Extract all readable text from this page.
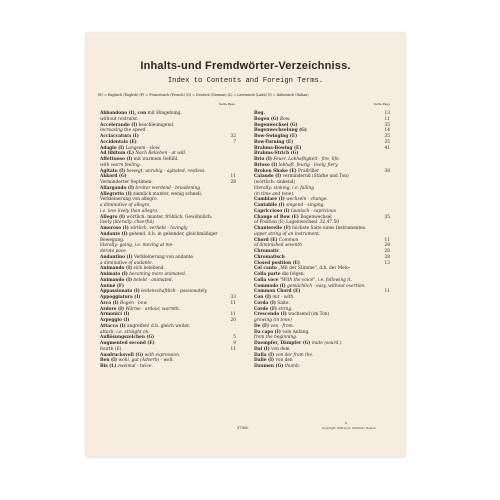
Inhalts-und Fremdwörter-Verzeichniss.
Index to Contents and Foreign Terms.
(E) = Englisch (English) (F) = Französisch (French) (G) = Deutsch (German) (L) = Lateinisch (Latin) (I) = Italienisch (Italian)
Seite Page	Seite Page
Abbandono (I), con mit Hingebung.
without restraint.
Accelerando (I) beschleunigend.
increasing the speed.
Acciaccatura (I)	32
Accidentals (E)	7
Adagio (I) Langsam - slow.
Ad libitum (L) Nach Belieben - at will.
Affettuoso (I) mit warmem Gefühl.
with warm feeling.
Agitato (I) bewegt, unruhig - agitated, restless.
Akkord (G)	11
Verminderter Septimen-	28
Allargando (I) breiter werdend - broadening
Allegretto (I) ziemlich munter, wenig schnell,
Verkleinerung von allegro.
a diminutive of allegro,
i.e. less lively than allegro.
Allegro (I) wörtlich: munter, fröhlich. Gewöhnlich:
lively (literally: cheerful)
Amoroso (I) zärtlich, verliebt - lovingly
Andante (I) gehend, d.h. in gehender, gleichmäßiger
Bewegung.
literally: going, i.e. moving at mo-
derate pace.
Andantino (I) Verkleinerung von andante.
a diminutive of andante.
Animando (I) sich belebend.
Animato (I) becoming more animated.
Animando (I) belebt - animated.
Animé (F)
Appassionato (I) leidenschaftlich - passionately
Appoggiatura (I)	33
Arco (I) Bogen - bow	11
Ardore (I) Wärme - ardour, warmth.
Armonici (I)	11
Arpeggio (I)	20
Attacca (I) angreifen! d.h. gleich weiter.
attack; i.e. straight on.
Auflösungszeichen (G)	5
Augmented second (E)	9
fourth (E)	11
Ausdrucksvoll (G) with expression.
Ben (I) wohl, gut (Adverb) - well.
Bis (L) zweimal - twice.
Bog.	13
Bogen (G) Bow.	11
Bogenwechsel (G)	35
Bogenwechselung (G)	14
Bow-Swinging (E)	35
Bow-Turning (E)	35
Brahms-Bowing (E)	41
Brahms-Strich (G)
Brio (I) Feuer, Lebhaftigkeit - fire, life.
Brioso (I) lebhaft, feurig - lively, fiery.
Broken Shake (E) Prallriller	38
Calando (I) vermindernd (Stärke und Ton)
(wörtlich: sinkend)
literally: sinking, i.e. falling
(in time and tone).
Cambiare (I) wechseln - change.
Cantabile (I) singend - singing.
Capriccioso (I) launisch - capricious
Change of Bow (E) Bogenwechsel	35
of Position (E) Lagenwechsel .32.47.50
Chanterelle (F) höchste Saite eines Instrumentes.
upper string of an instrument.
Chord (E) Common	11
of diminished seventh	28
Chromatic	28
Chromatisch	28
Closed position (E)	13
Col canto „Mit der Stimme", d.h. der Melo-
Colla parte die folgen.
Colla voce "With the voice", i.e. following it.
Commodo (I) gemächlich - easy, without exertion.
Common Chord (E)	11
Con (I) mit - with.
Corda (I) Saite.
Corde (F) string.
Crescendo (I) wachsend (im Ton)
growing (in tone)
De (F) von - from.
Da capo (I) vom Anfang.
from the beginning.
Daempfer, Dämpfer (G) mute (sourd.)
Dal (I) von dem
Dalla (I) von der from the.
Dalle (I) von den
Daumen (G) thumb.
37900
6
Copyright 1900 by G. Schirmer, Boston
